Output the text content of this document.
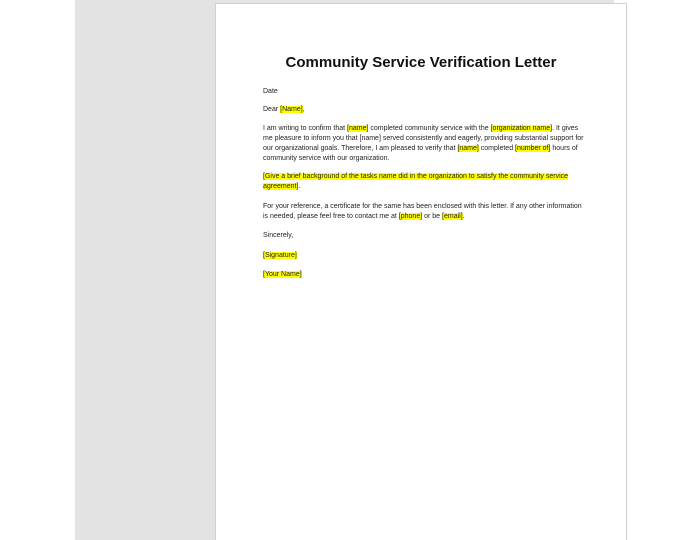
Community Service Verification Letter
Date
Dear [Name],
I am writing to confirm that [name] completed community service with the [organization name]. It gives me pleasure to inform you that [name] served consistently and eagerly, providing substantial support for our organizational goals. Therefore, I am pleased to verify that [name] completed [number of] hours of community service with our organization.
[Give a brief background of the tasks name did in the organization to satisfy the community service agreement].
For your reference, a certificate for the same has been enclosed with this letter. If any other information is needed, please feel free to contact me at [phone] or be [email].
Sincerely,
[Signature]
[Your Name]
